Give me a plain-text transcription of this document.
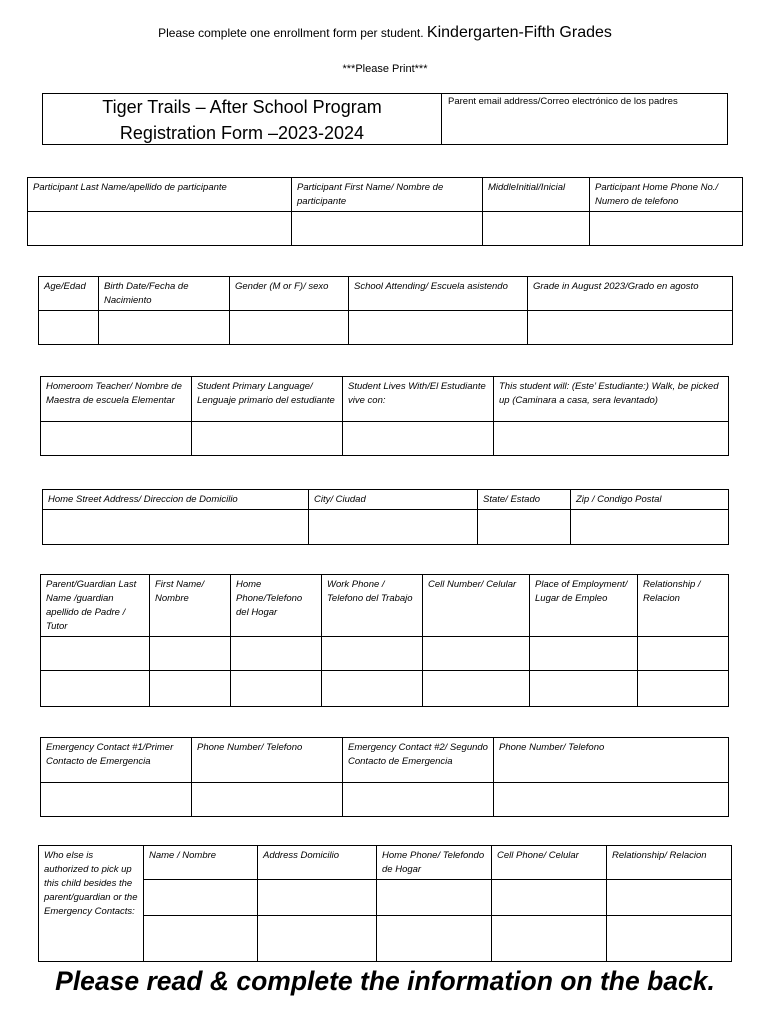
Please complete one enrollment form per student. Kindergarten-Fifth Grades
***Please Print***
Tiger Trails – After School Program
Registration Form –2023-2024
Parent email address/Correo electrónico de los padres
Participant Last Name/apellido de participante	Participant First Name/ Nombre de participante	MiddleInitial/Inicial	Participant Home Phone No./ Numero de telefono

Age/Edad	Birth Date/Fecha de Nacimiento	Gender (M or F)/ sexo	School Attending/ Escuela asistendo	Grade in August 2023/Grado en agosto

Homeroom Teacher/ Nombre de Maestra de escuela Elementar	Student Primary Language/ Lenguaje primario del estudiante	Student Lives With/El Estudiante vive con:	This student will: (Este’ Estudiante:) Walk, be picked up (Caminara a casa, sera levantado)

Home Street Address/ Direccion de Domicilio	City/ Ciudad	State/ Estado	Zip / Condigo Postal

Parent/Guardian Last Name /guardian apellido de Padre / Tutor	First Name/ Nombre	Home Phone/Telefono del Hogar	Work Phone / Telefono del Trabajo	Cell Number/ Celular	Place of Employment/ Lugar de Empleo	Relationship / Relacion

Emergency Contact #1/Primer Contacto de Emergencia	Phone Number/ Telefono	Emergency Contact #2/ Segundo Contacto de Emergencia	Phone Number/ Telefono

Who else is authorized to pick up this child besides the parent/guardian or the Emergency Contacts:	Name / Nombre	Address Domicilio	Home Phone/ Telefondo de Hogar	Cell Phone/ Celular	Relationship/ Relacion

Please read & complete the information on the back.
